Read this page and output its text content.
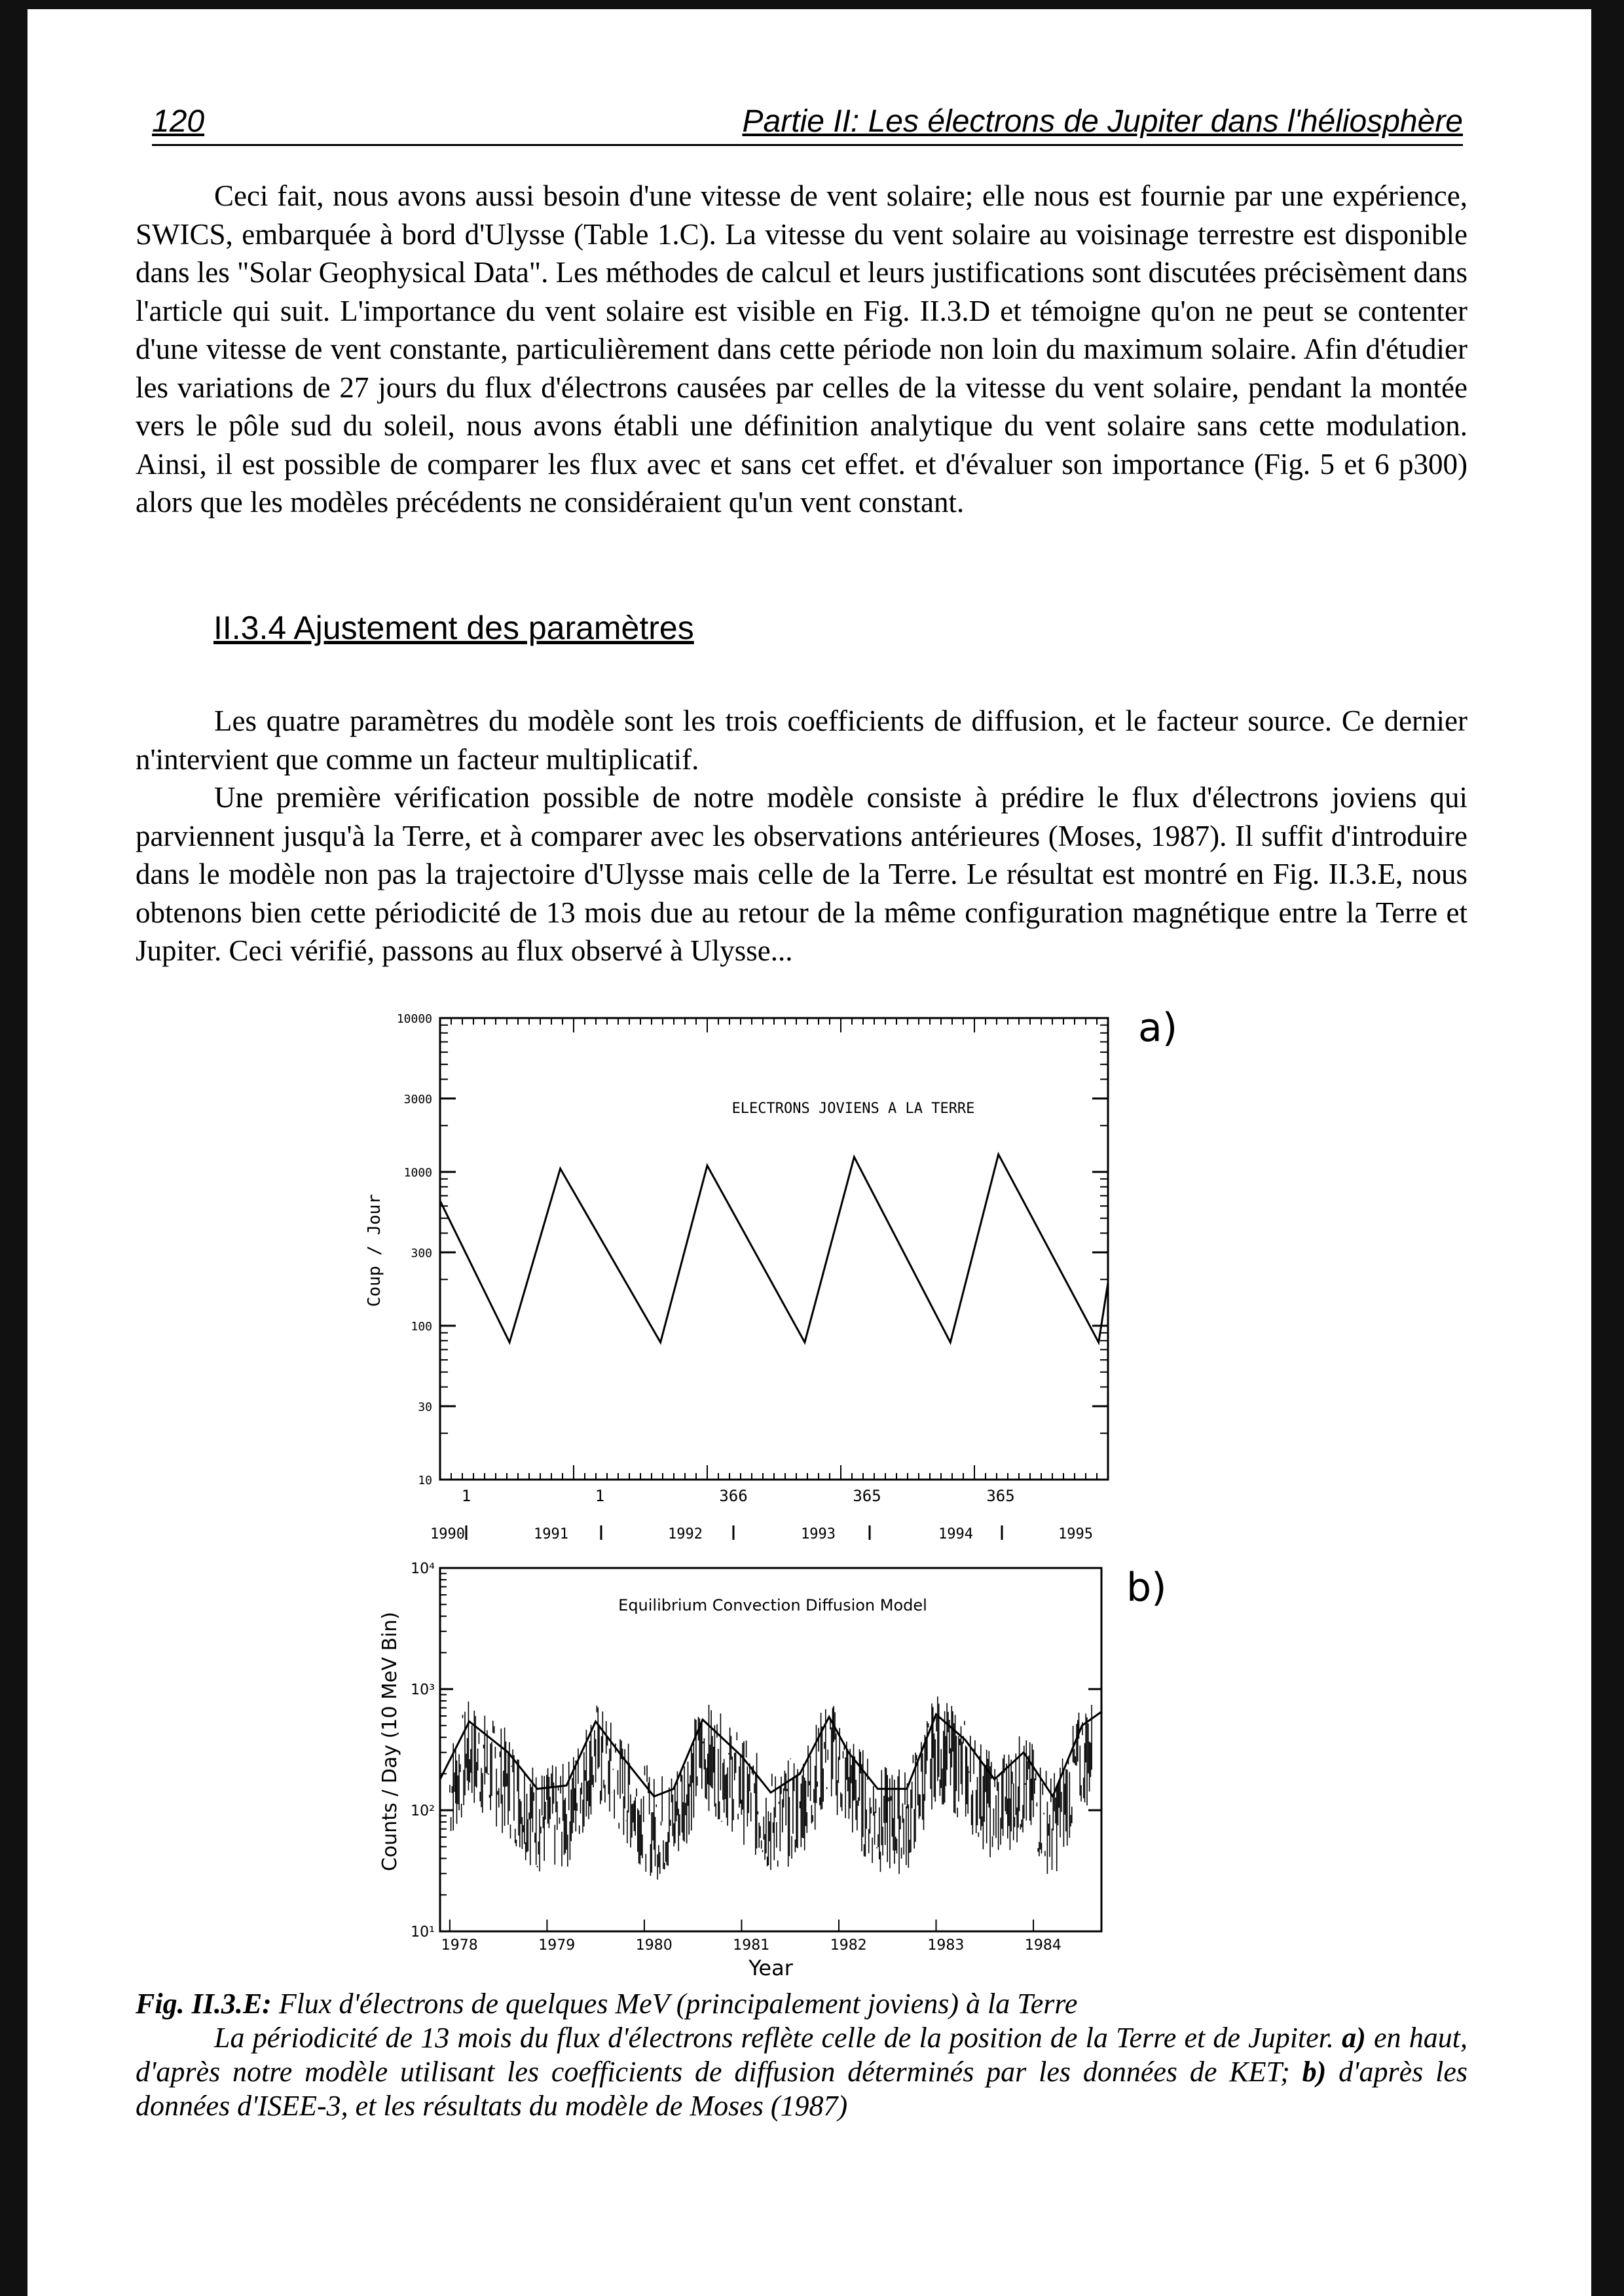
120	Partie II: Les électrons de Jupiter dans l'héliosphère

Ceci fait, nous avons aussi besoin d'une vitesse de vent solaire; elle nous est fournie par une expérience, SWICS, embarquée à bord d'Ulysse (Table 1.C). La vitesse du vent solaire au voisinage terrestre est disponible dans les "Solar Geophysical Data". Les méthodes de calcul et leurs justifications sont discutées précisèment dans l'article qui suit. L'importance du vent solaire est visible en Fig. II.3.D et témoigne qu'on ne peut se contenter d'une vitesse de vent constante, particulièrement dans cette période non loin du maximum solaire. Afin d'étudier les variations de 27 jours du flux d'électrons causées par celles de la vitesse du vent solaire, pendant la montée vers le pôle sud du soleil, nous avons établi une définition analytique du vent solaire sans cette modulation. Ainsi, il est possible de comparer les flux avec et sans cet effet. et d'évaluer son importance (Fig. 5 et 6 p300) alors que les modèles précédents ne considéraient qu'un vent constant.

II.3.4 Ajustement des paramètres

Les quatre paramètres du modèle sont les trois coefficients de diffusion, et le facteur source. Ce dernier n'intervient que comme un facteur multiplicatif.

Une première vérification possible de notre modèle consiste à prédire le flux d'électrons joviens qui parviennent jusqu'à la Terre, et à comparer avec les observations antérieures (Moses, 1987). Il suffit d'introduire dans le modèle non pas la trajectoire d'Ulysse mais celle de la Terre. Le résultat est montré en Fig. II.3.E, nous obtenons bien cette périodicité de 13 mois due au retour de la même configuration magnétique entre la Terre et Jupiter. Ceci vérifié, passons au flux observé à Ulysse...

ELECTRONS JOVIENS A LA TERRE
a)
Coup / Jour
10000
3000
1000
300
100
30
10
1	1	366	365	365
1990	1991	1992	1993	1994	1995
Equilibrium Convection Diffusion Model	b)
Counts / Day (10 MeV Bin)
Year
10⁴
10³
10²
10¹
1978	1979	1980	1981	1982	1983	1984

Fig. II.3.E: Flux d'électrons de quelques MeV (principalement joviens) à la Terre
La périodicité de 13 mois du flux d'électrons reflète celle de la position de la Terre et de Jupiter. a) en haut, d'après notre modèle utilisant les coefficients de diffusion déterminés par les données de KET; b) d'après les données d'ISEE-3, et les résultats du modèle de Moses (1987)
